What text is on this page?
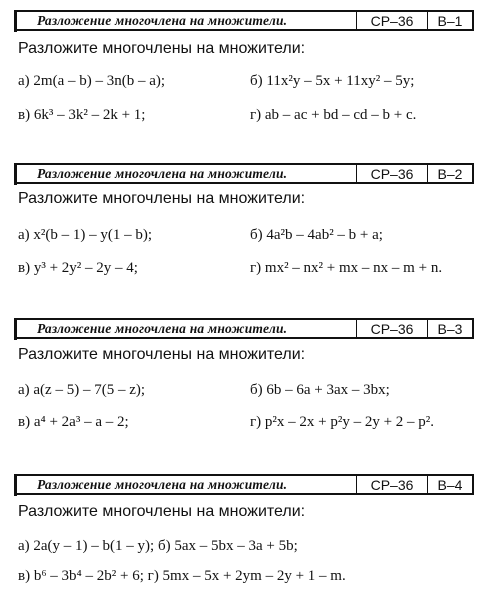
Разложение многочлена на множители.	СР–36	В–1
Разложите многочлены на множители:
а) 2m(a – b) – 3n(b – a);	б) 11x²y – 5x + 11xy² – 5y;
в) 6k³ – 3k² – 2k + 1;	г) ab – ac + bd – cd – b + c.
Разложение многочлена на множители.	СР–36	В–2
Разложите многочлены на множители:
а) x²(b – 1) – y(1 – b);	б) 4a²b – 4ab² – b + a;
в) y³ + 2y² – 2y – 4;	г) mx² – nx² + mx – nx – m + n.
Разложение многочлена на множители.	СР–36	В–3
Разложите многочлены на множители:
а) a(z – 5) – 7(5 – z);	б) 6b – 6a + 3ax – 3bx;
в) a⁴ + 2a³ – a – 2;	г) p²x – 2x + p²y – 2y + 2 – p².
Разложение многочлена на множители.	СР–36	В–4
Разложите многочлены на множители:
а) 2a(y – 1) – b(1 – y); б) 5ax – 5bx – 3a + 5b;
в) b⁶ – 3b⁴ – 2b² + 6; г) 5mx – 5x + 2ym – 2y + 1 – m.
